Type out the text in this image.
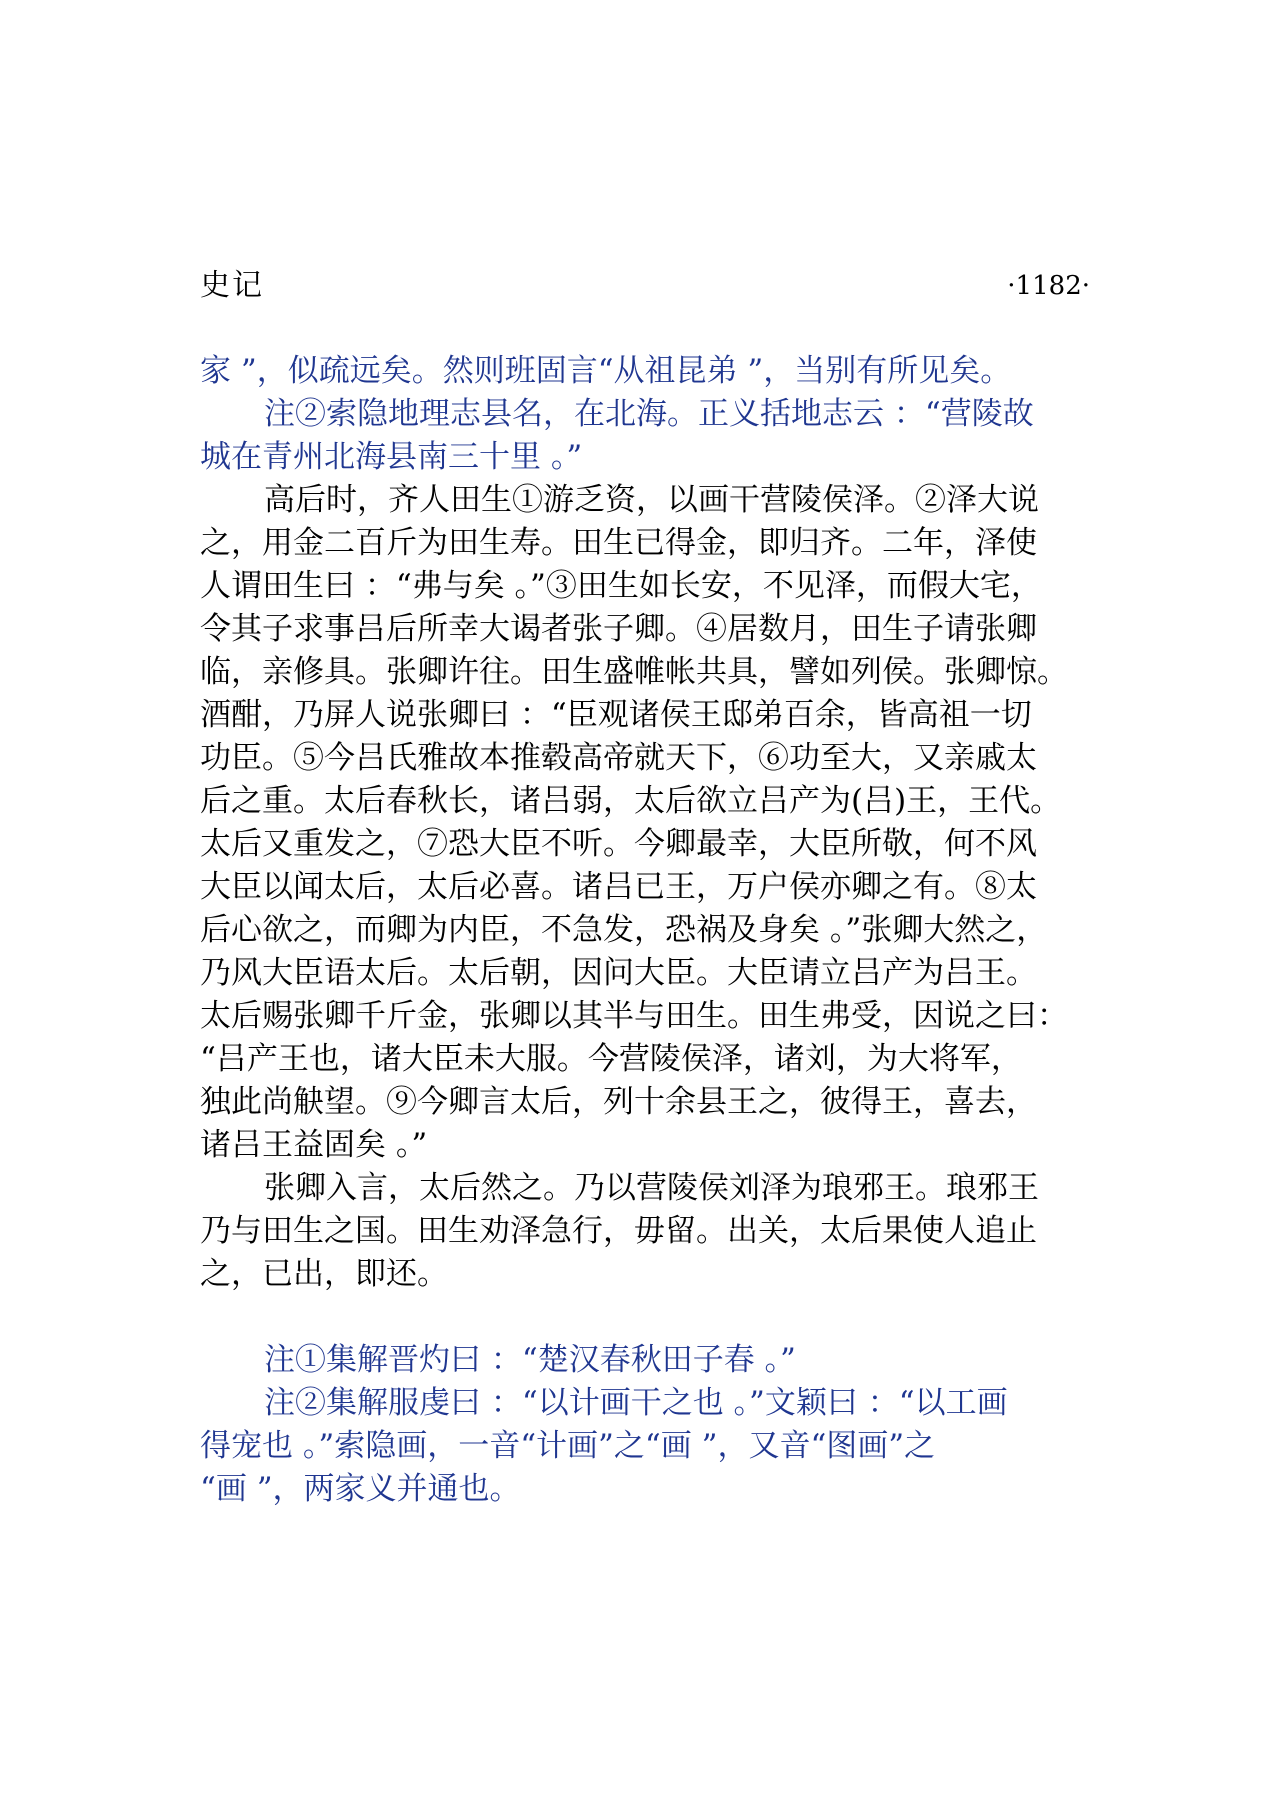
史记	·1182·
家 ”，似疏远矣。然则班固言“从祖昆弟 ”，当别有所见矣。
注②索隐地理志县名，在北海。正义括地志云 ：“营陵故
城在青州北海县南三十里 。”
高后时，齐人田生①游乏资，以画干营陵侯泽。②泽大说
之，用金二百斤为田生寿。田生已得金，即归齐。二年，泽使
人谓田生曰 ：“弗与矣 。”③田生如长安，不见泽，而假大宅，
令其子求事吕后所幸大谒者张子卿。④居数月，田生子请张卿
临，亲修具。张卿许往。田生盛帷帐共具，譬如列侯。张卿惊。
酒酣，乃屏人说张卿曰 ：“臣观诸侯王邸弟百余，皆高祖一切
功臣。⑤今吕氏雅故本推毂高帝就天下，⑥功至大，又亲戚太
后之重。太后春秋长，诸吕弱，太后欲立吕产为(吕)王，王代。
太后又重发之，⑦恐大臣不听。今卿最幸，大臣所敬，何不风
大臣以闻太后，太后必喜。诸吕已王，万户侯亦卿之有。⑧太
后心欲之，而卿为内臣，不急发，恐祸及身矣 。”张卿大然之，
乃风大臣语太后。太后朝，因问大臣。大臣请立吕产为吕王。
太后赐张卿千斤金，张卿以其半与田生。田生弗受，因说之曰：
“吕产王也，诸大臣未大服。今营陵侯泽，诸刘，为大将军，
独此尚觖望。⑨今卿言太后，列十余县王之，彼得王，喜去，
诸吕王益固矣 。”
张卿入言，太后然之。乃以营陵侯刘泽为琅邪王。琅邪王
乃与田生之国。田生劝泽急行，毋留。出关，太后果使人追止
之，已出，即还。
注①集解晋灼曰 ：“楚汉春秋田子春 。”
注②集解服虔曰 ：“以计画干之也 。”文颖曰 ：“以工画
得宠也 。”索隐画，一音“计画”之“画 ”，又音“图画”之
“画 ”，两家义并通也。
